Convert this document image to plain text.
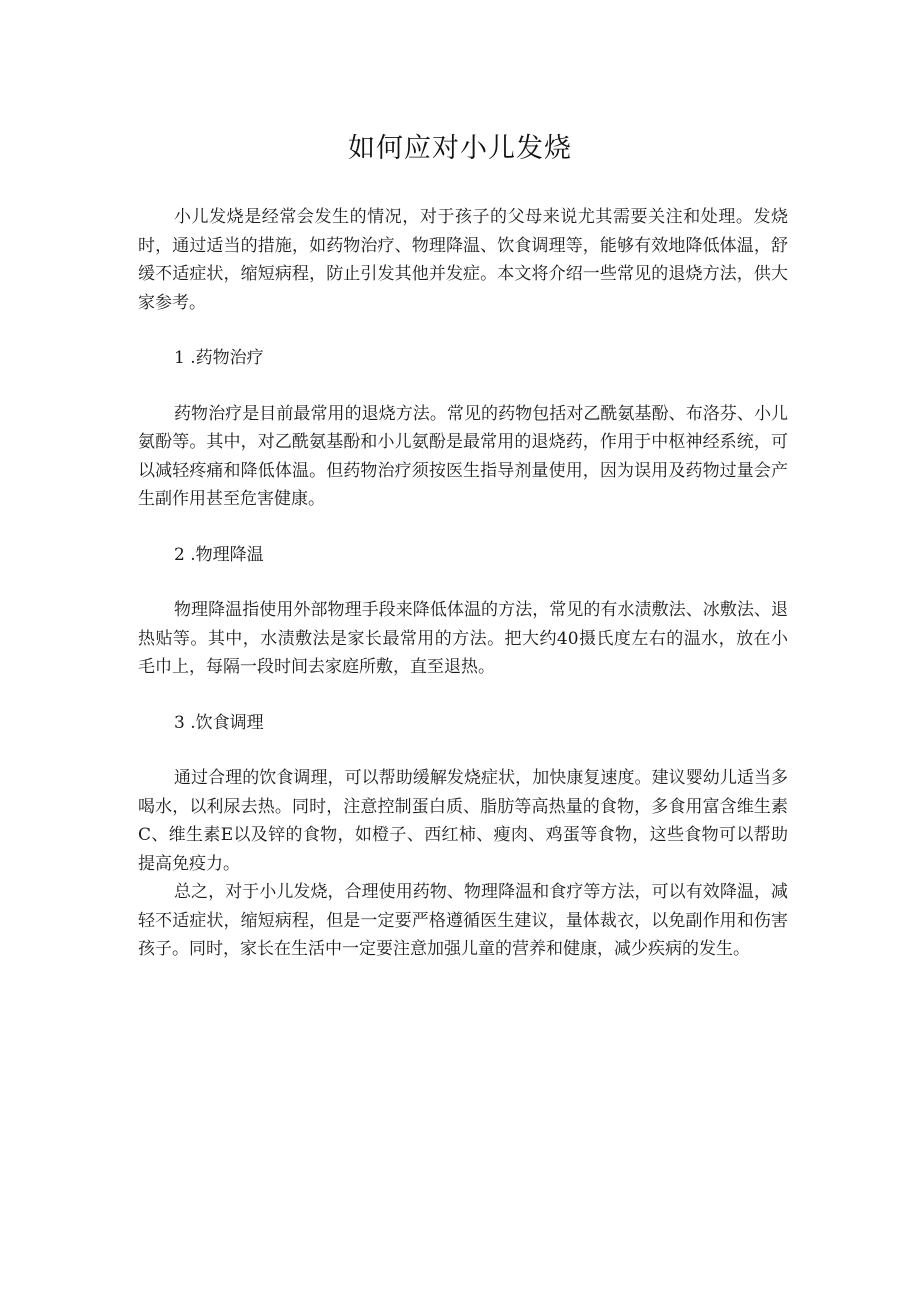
如何应对小儿发烧

小儿发烧是经常会发生的情况，对于孩子的父母来说尤其需要关注和处理。发烧时，通过适当的措施，如药物治疗、物理降温、饮食调理等，能够有效地降低体温，舒缓不适症状，缩短病程，防止引发其他并发症。本文将介绍一些常见的退烧方法，供大家参考。

1 .药物治疗

药物治疗是目前最常用的退烧方法。常见的药物包括对乙酰氨基酚、布洛芬、小儿氨酚等。其中，对乙酰氨基酚和小儿氨酚是最常用的退烧药，作用于中枢神经系统，可以减轻疼痛和降低体温。但药物治疗须按医生指导剂量使用，因为误用及药物过量会产生副作用甚至危害健康。

2 .物理降温

物理降温指使用外部物理手段来降低体温的方法，常见的有水渍敷法、冰敷法、退热贴等。其中，水渍敷法是家长最常用的方法。把大约40摄氏度左右的温水，放在小毛巾上，每隔一段时间去家庭所敷，直至退热。

3 .饮食调理

通过合理的饮食调理，可以帮助缓解发烧症状，加快康复速度。建议婴幼儿适当多喝水，以利尿去热。同时，注意控制蛋白质、脂肪等高热量的食物，多食用富含维生素C、维生素E以及锌的食物，如橙子、西红柿、瘦肉、鸡蛋等食物，这些食物可以帮助提高免疫力。

总之，对于小儿发烧，合理使用药物、物理降温和食疗等方法，可以有效降温，减轻不适症状，缩短病程，但是一定要严格遵循医生建议，量体裁衣，以免副作用和伤害孩子。同时，家长在生活中一定要注意加强儿童的营养和健康，减少疾病的发生。
